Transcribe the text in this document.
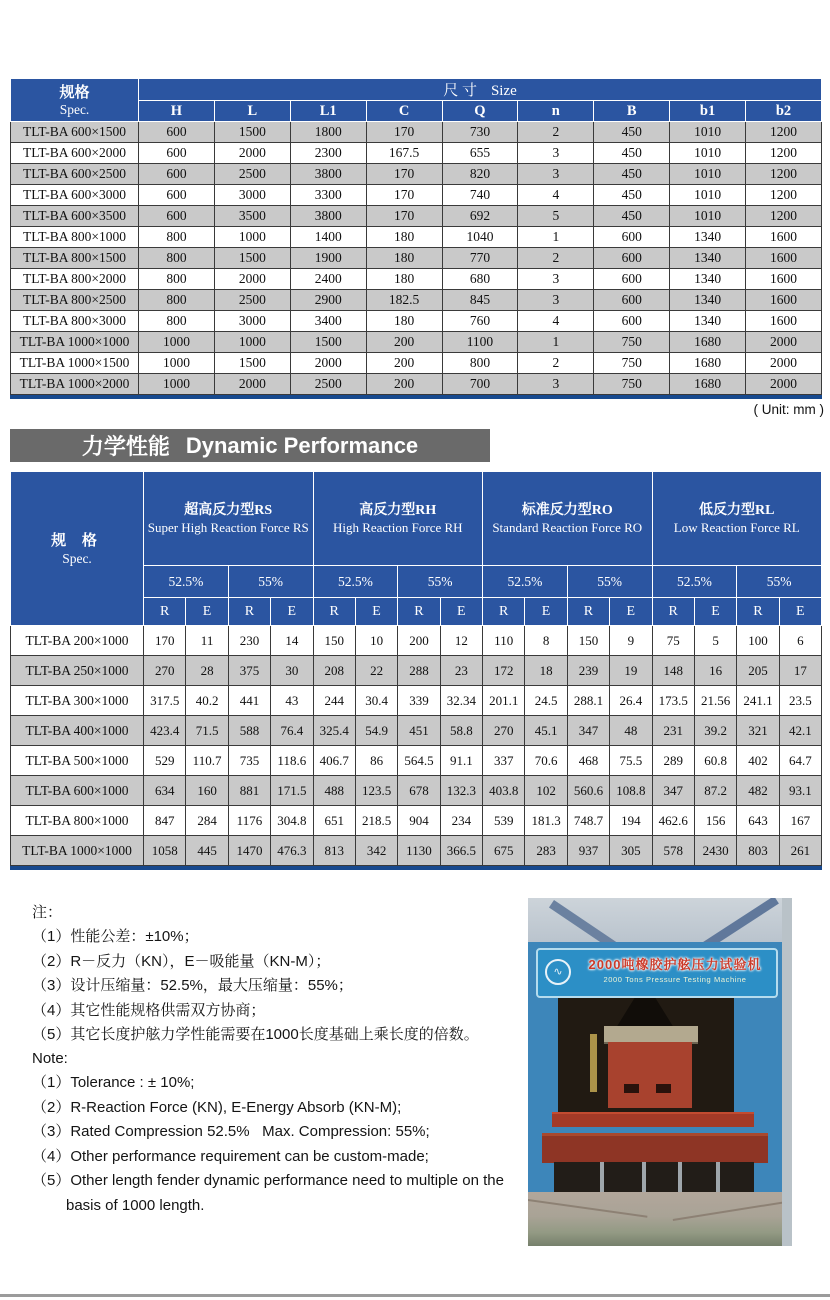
规格
Spec.	尺 寸 Size								
	H	L	L1	C	Q	n	B	b1	b2
TLT-BA 600×1500	600	1500	1800	170	730	2	450	1010	1200
TLT-BA 600×2000	600	2000	2300	167.5	655	3	450	1010	1200
TLT-BA 600×2500	600	2500	3800	170	820	3	450	1010	1200
TLT-BA 600×3000	600	3000	3300	170	740	4	450	1010	1200
TLT-BA 600×3500	600	3500	3800	170	692	5	450	1010	1200
TLT-BA 800×1000	800	1000	1400	180	1040	1	600	1340	1600
TLT-BA 800×1500	800	1500	1900	180	770	2	600	1340	1600
TLT-BA 800×2000	800	2000	2400	180	680	3	600	1340	1600
TLT-BA 800×2500	800	2500	2900	182.5	845	3	600	1340	1600
TLT-BA 800×3000	800	3000	3400	180	760	4	600	1340	1600
TLT-BA 1000×1000	1000	1000	1500	200	1100	1	750	1680	2000
TLT-BA 1000×1500	1000	1500	2000	200	800	2	750	1680	2000
TLT-BA 1000×2000	1000	2000	2500	200	700	3	750	1680	2000
( Unit: mm )
力学性能 Dynamic Performance
规 格
Spec.

超高反力型RS
Super High Reaction Force RS

高反力型RH
High Reaction Force RH

标准反力型RO
Standard Reaction Force RO

低反力型RL
Low Reaction Force RL

	52.5%		55%		52.5%		55%		52.5%		55%		52.5%		55%	
	R	E	R	E	R	E	R	E	R	E	R	E	R	E	R	E
TLT-BA 200×1000	170	11	230	14	150	10	200	12	110	8	150	9	75	5	100	6
TLT-BA 250×1000	270	28	375	30	208	22	288	23	172	18	239	19	148	16	205	17
TLT-BA 300×1000	317.5	40.2	441	43	244	30.4	339	32.34	201.1	24.5	288.1	26.4	173.5	21.56	241.1	23.5
TLT-BA 400×1000	423.4	71.5	588	76.4	325.4	54.9	451	58.8	270	45.1	347	48	231	39.2	321	42.1
TLT-BA 500×1000	529	110.7	735	118.6	406.7	86	564.5	91.1	337	70.6	468	75.5	289	60.8	402	64.7
TLT-BA 600×1000	634	160	881	171.5	488	123.5	678	132.3	403.8	102	560.6	108.8	347	87.2	482	93.1
TLT-BA 800×1000	847	284	1176	304.8	651	218.5	904	234	539	181.3	748.7	194	462.6	156	643	167
TLT-BA 1000×1000	1058	445	1470	476.3	813	342	1130	366.5	675	283	937	305	578	2430	803	261
注：
（1）性能公差：±10%；
（2）R－反力（KN），E－吸能量（KN-M）；
（3）设计压缩量：52.5%，最大压缩量：55%；
（4）其它性能规格供需双方协商；
（5）其它长度护舷力学性能需要在1000长度基础上乘长度的倍数。
Note:
（1）Tolerance : ± 10%;
（2）R-Reaction Force (KN), E-Energy Absorb (KN-M);
（3）Rated Compression 52.5%   Max. Compression: 55%;
（4）Other performance requirement can be custom-made;
（5）Other length fender dynamic performance need to multiple on the basis of 1000 length.
∿	2000吨橡胶护舷压力试验机
2000 Tons Pressure Testing Machine
